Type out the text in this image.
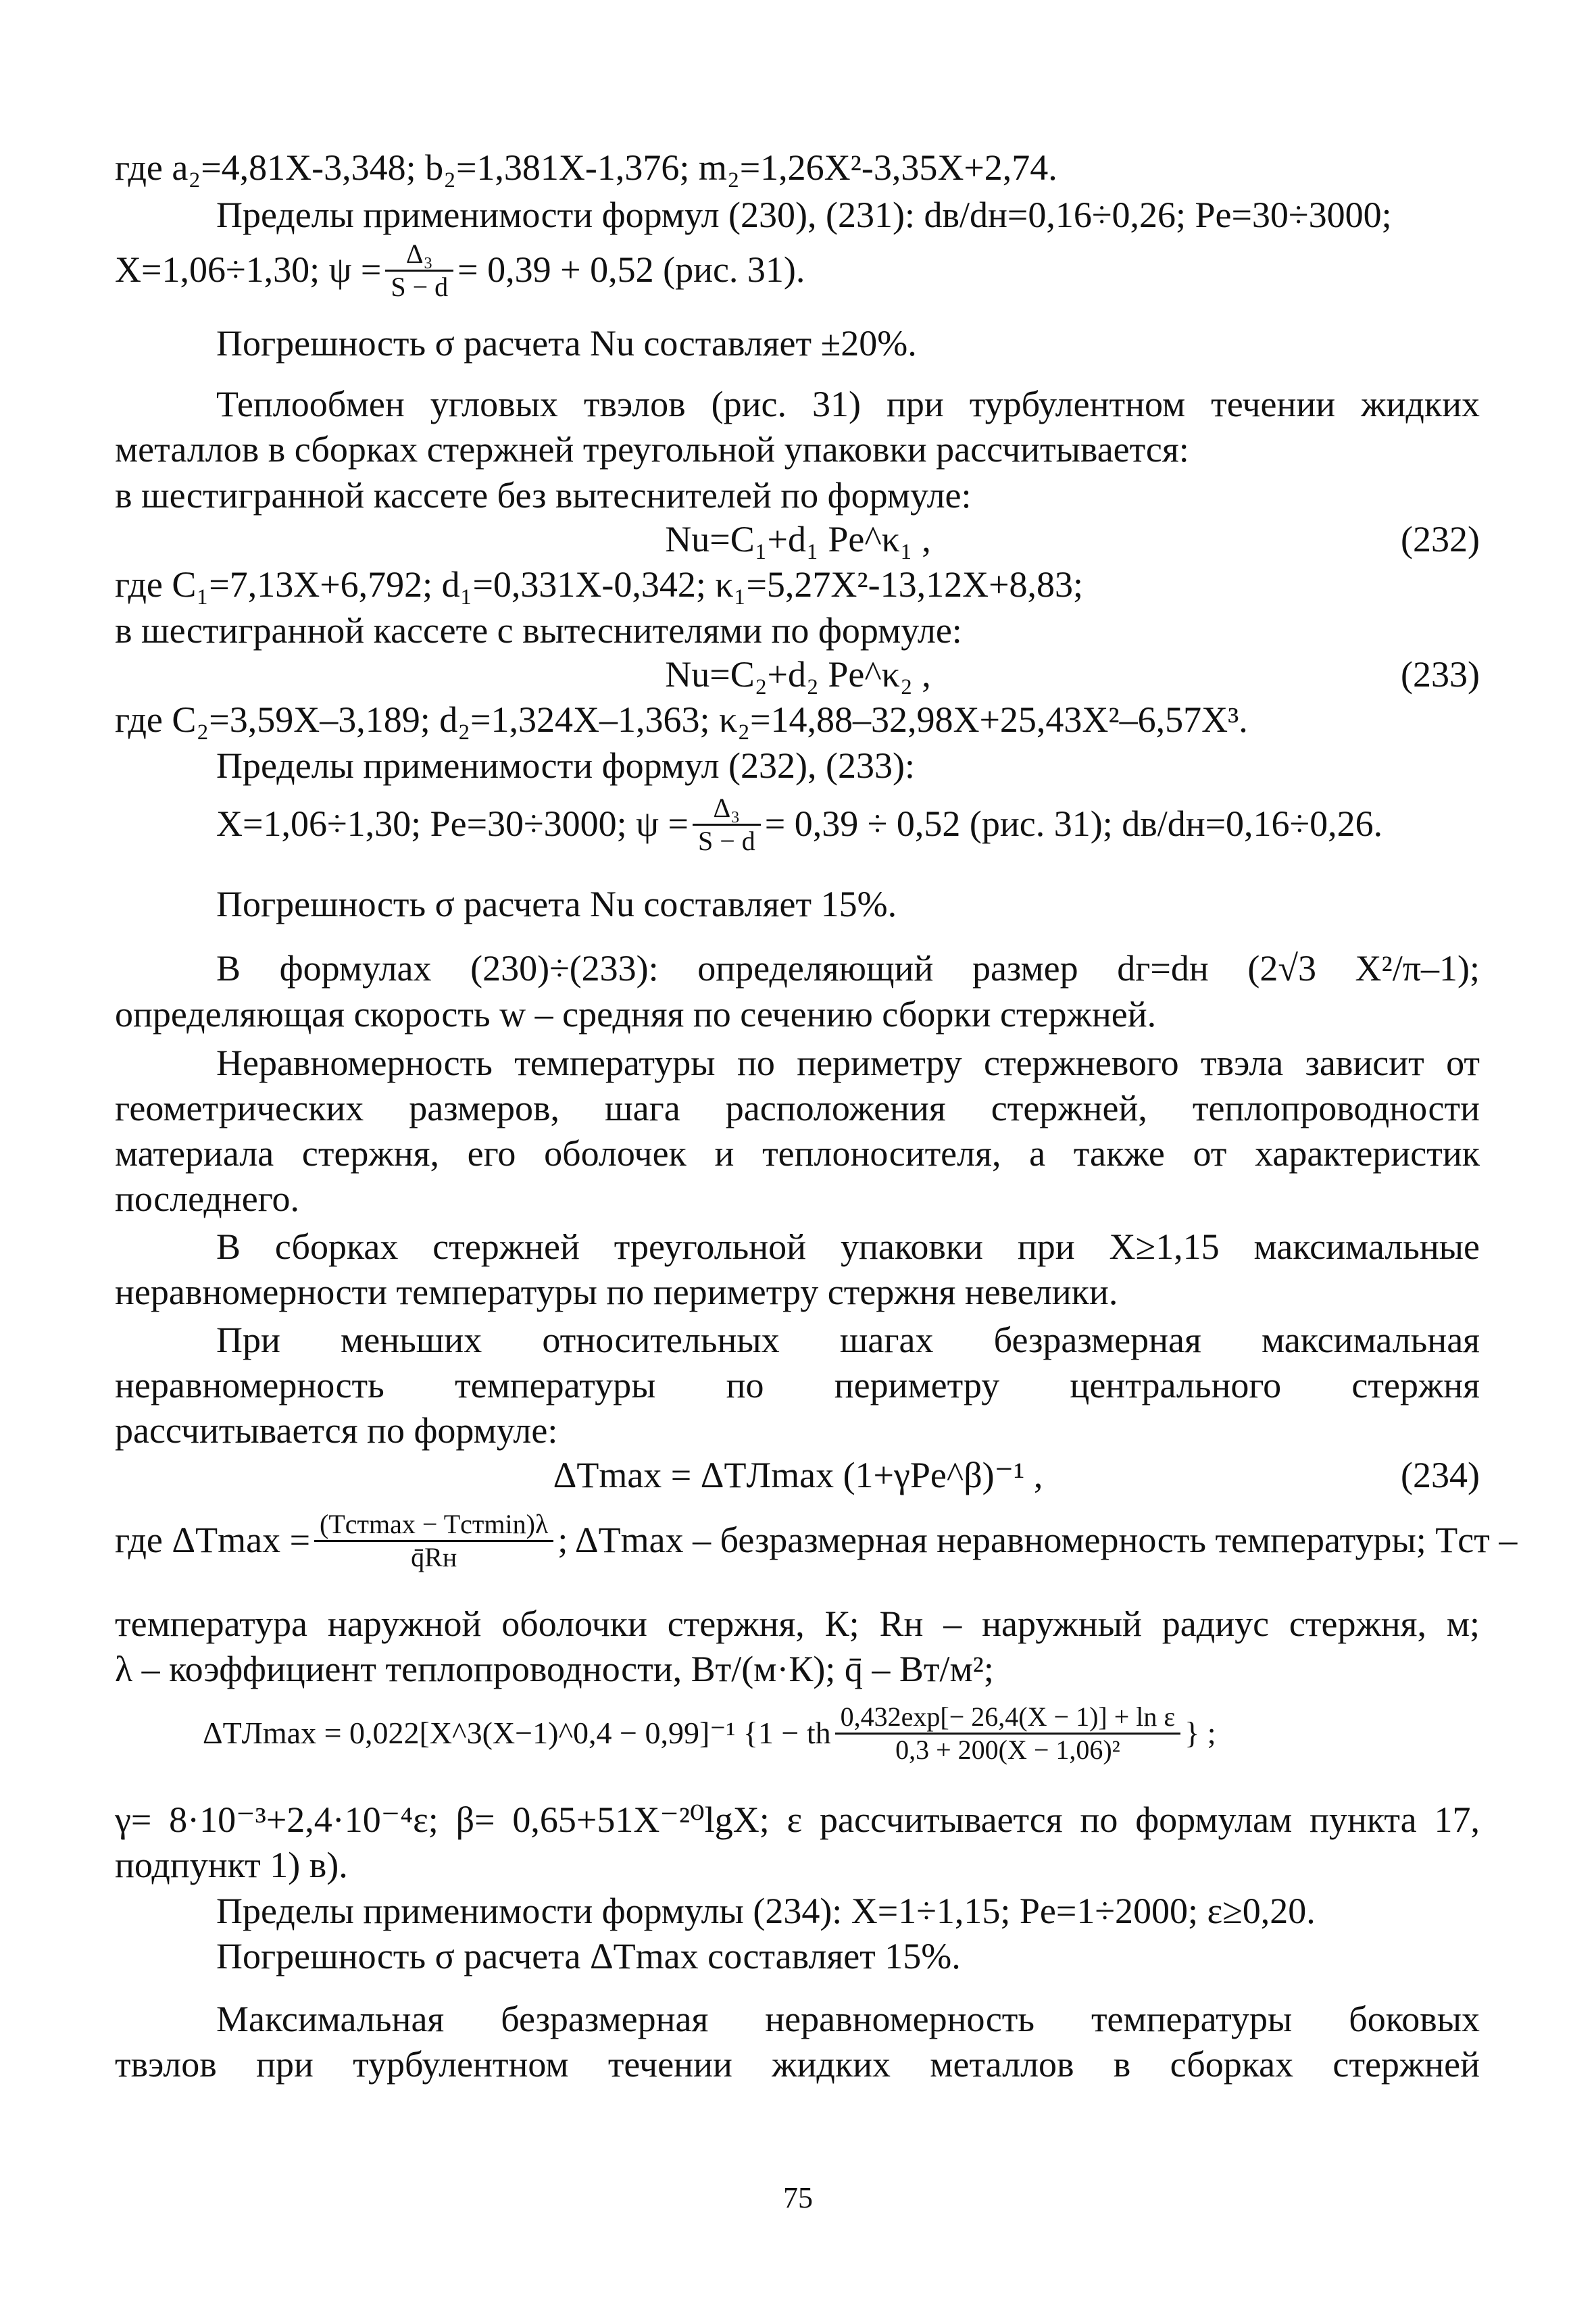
где a₂=4,81X-3,348; b₂=1,381X-1,376; m₂=1,26X²-3,35X+2,74.
Пределы применимости формул (230), (231): dв/dн=0,16÷0,26; Pe=30÷3000;
X=1,06÷1,30; $\psi = \frac{\text{Δ₃}}{S - d} = 0,39 + 0,52$ (рис. 31).
Погрешность σ расчета Nu составляет ±20%.
Теплообмен угловых твэлов (рис. 31) при турбулентном течении жидких
металлов в сборках стержней треугольной упаковки рассчитывается:
в шестигранной кассете без вытеснителей по формуле:
Nu=C₁+d₁ Pe^κ₁ ,	(232)
где C₁=7,13X+6,792; d₁=0,331X-0,342; κ₁=5,27X²-13,12X+8,83;
в шестигранной кассете с вытеснителями по формуле:
Nu=C₂+d₂ Pe^κ₂ ,	(233)
где C₂=3,59X–3,189; d₂=1,324X–1,363; κ₂=14,88–32,98X+25,43X²–6,57X³.
Пределы применимости формул (232), (233):
X=1,06÷1,30; Pe=30÷3000; $\psi = \frac{\text{Δ₃}}{S - d} = 0,39 \div 0,52$ (рис. 31); dв/dн=0,16÷0,26.
Погрешность σ расчета Nu составляет 15%.
В формулах (230)÷(233): определяющий размер dг=dн (2√3 X²/π–1);
определяющая скорость w – средняя по сечению сборки стержней.
Неравномерность температуры по периметру стержневого твэла зависит от
геометрических размеров, шага расположения стержней, теплопроводности
материала стержня, его оболочек и теплоносителя, а также от характеристик
последнего.
В сборках стержней треугольной упаковки при X≥1,15 максимальные
неравномерности температуры по периметру стержня невелики.
При меньших относительных шагах безразмерная максимальная
неравномерность температуры по периметру центрального стержня
рассчитывается по формуле:
ΔTmax = ΔTЛmax (1+γPe^β)⁻¹ ,	(234)
где $\Delta Tmax = \frac{\text{(Tстmax − Tстmin)λ}}{q̄Rн}$ ; ΔTmax – безразмерная неравномерность температуры; Tст –
температура наружной оболочки стержня, К; Rн – наружный радиус стержня, м;
λ – коэффициент теплопроводности, Вт/(м·К); q̄ – Вт/м²;
ΔTЛmax = 0,022[X^3(X−1)^0,4 − 0,99]⁻¹ {1 − th $\frac{\text{0,432exp[− 26,4(X − 1)] + ln ε}}{\text{0,3 + 200(X − 1,06)²}}$ } ;
γ= 8·10⁻³+2,4·10⁻⁴ε; β= 0,65+51X⁻²⁰lgX; ε рассчитывается по формулам пункта 17,
подпункт 1) в).
Пределы применимости формулы (234): X=1÷1,15; Pe=1÷2000; ε≥0,20.
Погрешность σ расчета ΔTmax составляет 15%.
Максимальная безразмерная неравномерность температуры боковых
твэлов при турбулентном течении жидких металлов в сборках стержней
75
